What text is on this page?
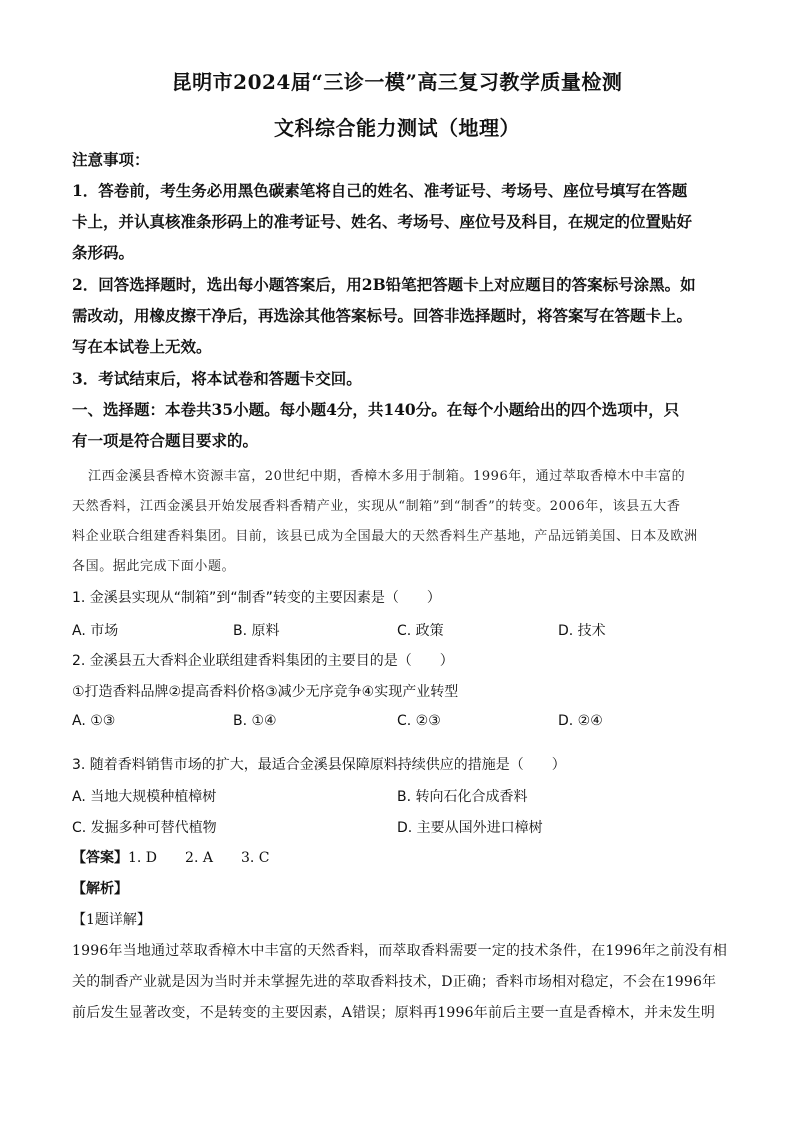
昆明市2024届“三诊一模”高三复习教学质量检测
文科综合能力测试（地理）
注意事项：
1．答卷前，考生务必用黑色碳素笔将自己的姓名、准考证号、考场号、座位号填写在答题
卡上，并认真核准条形码上的准考证号、姓名、考场号、座位号及科目，在规定的位置贴好
条形码。
2．回答选择题时，选出每小题答案后，用2B铅笔把答题卡上对应题目的答案标号涂黑。如
需改动，用橡皮擦干净后，再选涂其他答案标号。回答非选择题时，将答案写在答题卡上。
写在本试卷上无效。
3．考试结束后，将本试卷和答题卡交回。
一、选择题：本卷共35小题。每小题4分，共140分。在每个小题给出的四个选项中，只
有一项是符合题目要求的。
江西金溪县香樟木资源丰富，20世纪中期，香樟木多用于制箱。1996年，通过萃取香樟木中丰富的
天然香料，江西金溪县开始发展香料香精产业，实现从“制箱”到“制香”的转变。2006年，该县五大香
料企业联合组建香料集团。目前，该县已成为全国最大的天然香料生产基地，产品远销美国、日本及欧洲
各国。据此完成下面小题。
1. 金溪县实现从“制箱”到“制香”转变的主要因素是（　　）
A. 市场	B. 原料	C. 政策	D. 技术
2. 金溪县五大香料企业联组建香料集团的主要目的是（　　）
①打造香料品牌②提高香料价格③减少无序竞争④实现产业转型
A. ①③	B. ①④	C. ②③	D. ②④
3. 随着香料销售市场的扩大，最适合金溪县保障原料持续供应的措施是（　　）
A. 当地大规模种植樟树	B. 转向石化合成香料
C. 发掘多种可替代植物	D. 主要从国外进口樟树
【答案】1. D　　2. A　　3. C
【解析】
【1题详解】
1996年当地通过萃取香樟木中丰富的天然香料，而萃取香料需要一定的技术条件，在1996年之前没有相
关的制香产业就是因为当时并未掌握先进的萃取香料技术，D正确；香料市场相对稳定，不会在1996年
前后发生显著改变，不是转变的主要因素，A错误；原料再1996年前后主要一直是香樟木，并未发生明
